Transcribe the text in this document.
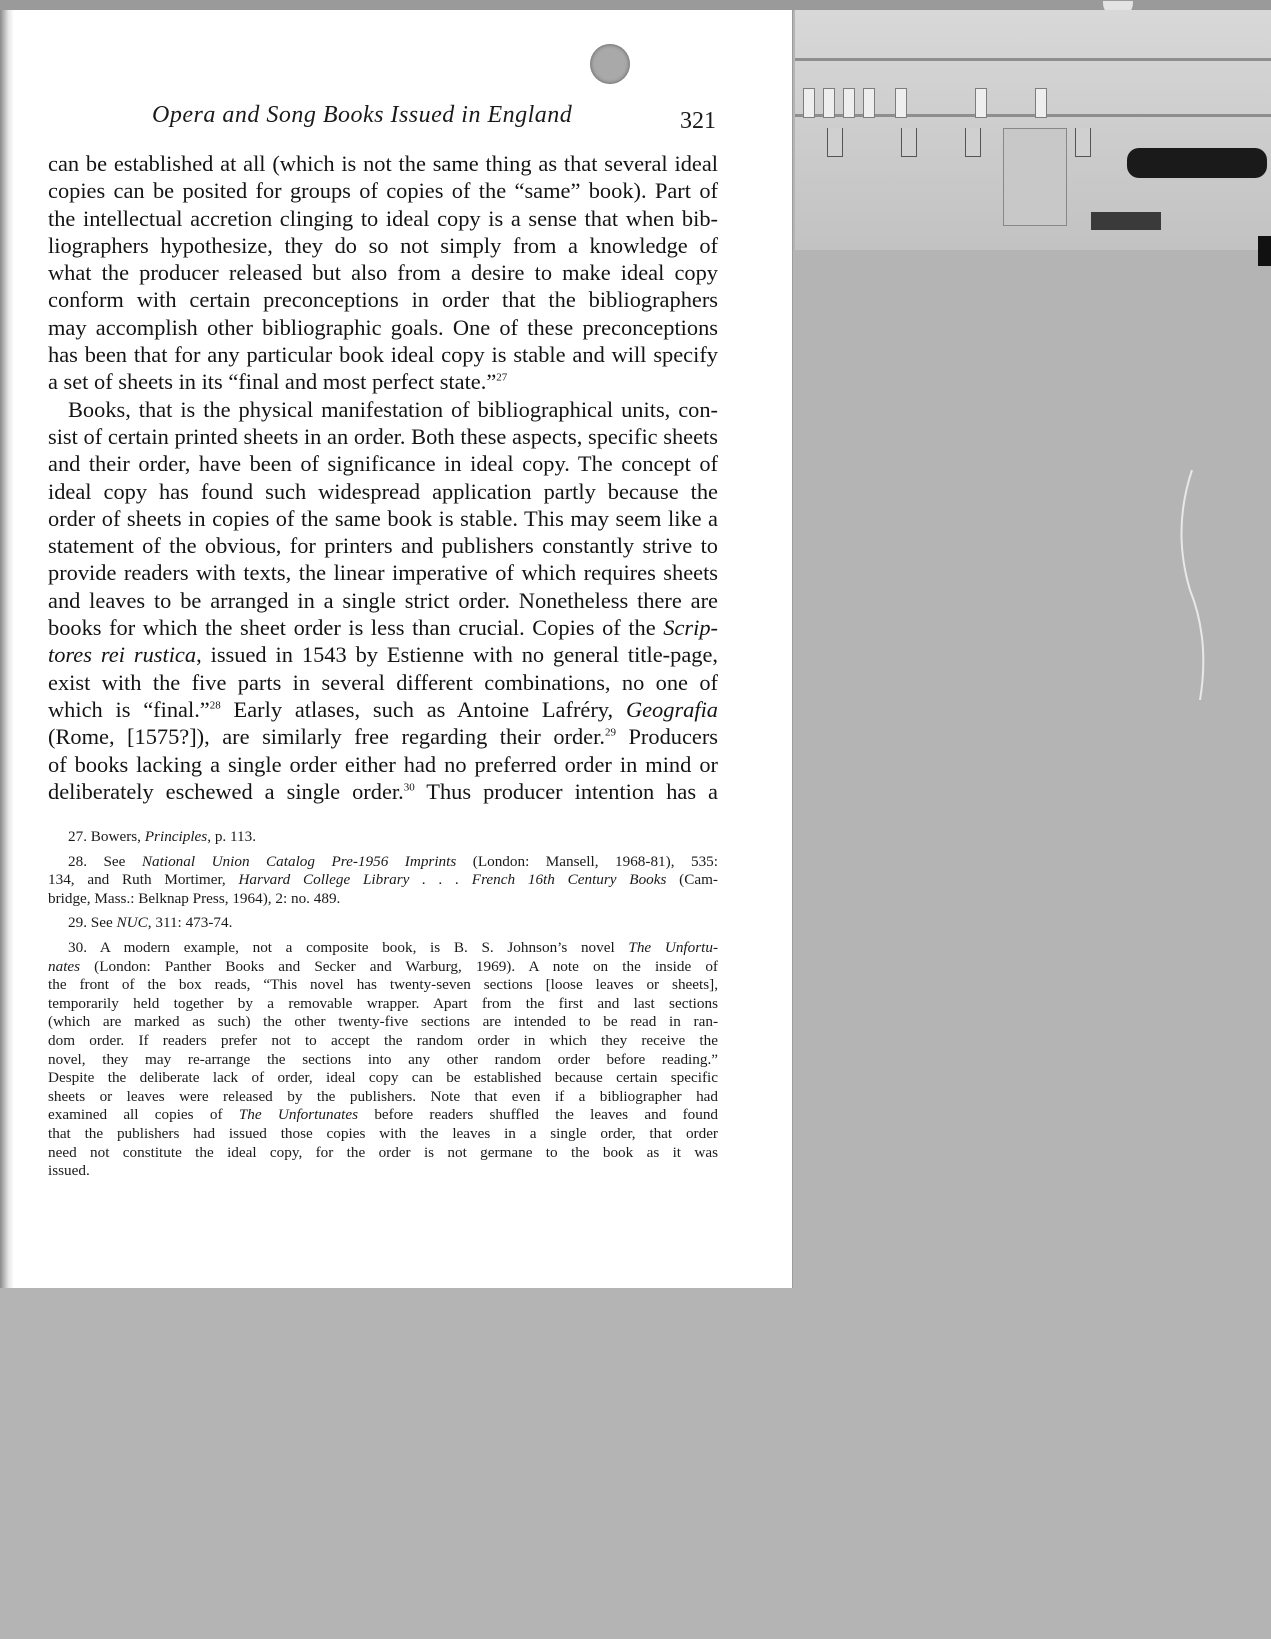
Opera and Song Books Issued in England	321
can be established at all (which is not the same thing as that several ideal
copies can be posited for groups of copies of the “same” book). Part of
the intellectual accretion clinging to ideal copy is a sense that when bib-
liographers hypothesize, they do so not simply from a knowledge of
what the producer released but also from a desire to make ideal copy
conform with certain preconceptions in order that the bibliographers
may accomplish other bibliographic goals. One of these preconceptions
has been that for any particular book ideal copy is stable and will specify
a set of sheets in its “final and most perfect state.”$^{27}$
Books, that is the physical manifestation of bibliographical units, con-
sist of certain printed sheets in an order. Both these aspects, specific sheets
and their order, have been of significance in ideal copy. The concept of
ideal copy has found such widespread application partly because the
order of sheets in copies of the same book is stable. This may seem like a
statement of the obvious, for printers and publishers constantly strive to
provide readers with texts, the linear imperative of which requires sheets
and leaves to be arranged in a single strict order. Nonetheless there are
books for which the sheet order is less than crucial. Copies of the Scrip-
tores rei rustica, issued in 1543 by Estienne with no general title-page,
exist with the five parts in several different combinations, no one of
which is “final.”$^{28}$ Early atlases, such as Antoine Lafréry, Geografia
(Rome, [1575?]), are similarly free regarding their order.$^{29}$ Producers
of books lacking a single order either had no preferred order in mind or
deliberately eschewed a single order.$^{30}$ Thus producer intention has a
27. Bowers, Principles, p. 113.
28. See National Union Catalog Pre-1956 Imprints (London: Mansell, 1968-81), 535:
134, and Ruth Mortimer, Harvard College Library . . . French 16th Century Books (Cam-
bridge, Mass.: Belknap Press, 1964), 2: no. 489.
29. See NUC, 311: 473-74.
30. A modern example, not a composite book, is B. S. Johnson’s novel The Unfortu-
nates (London: Panther Books and Secker and Warburg, 1969). A note on the inside of
the front of the box reads, “This novel has twenty-seven sections [loose leaves or sheets],
temporarily held together by a removable wrapper. Apart from the first and last sections
(which are marked as such) the other twenty-five sections are intended to be read in ran-
dom order. If readers prefer not to accept the random order in which they receive the
novel, they may re-arrange the sections into any other random order before reading.”
Despite the deliberate lack of order, ideal copy can be established because certain specific
sheets or leaves were released by the publishers. Note that even if a bibliographer had
examined all copies of The Unfortunates before readers shuffled the leaves and found
that the publishers had issued those copies with the leaves in a single order, that order
need not constitute the ideal copy, for the order is not germane to the book as it was
issued.
